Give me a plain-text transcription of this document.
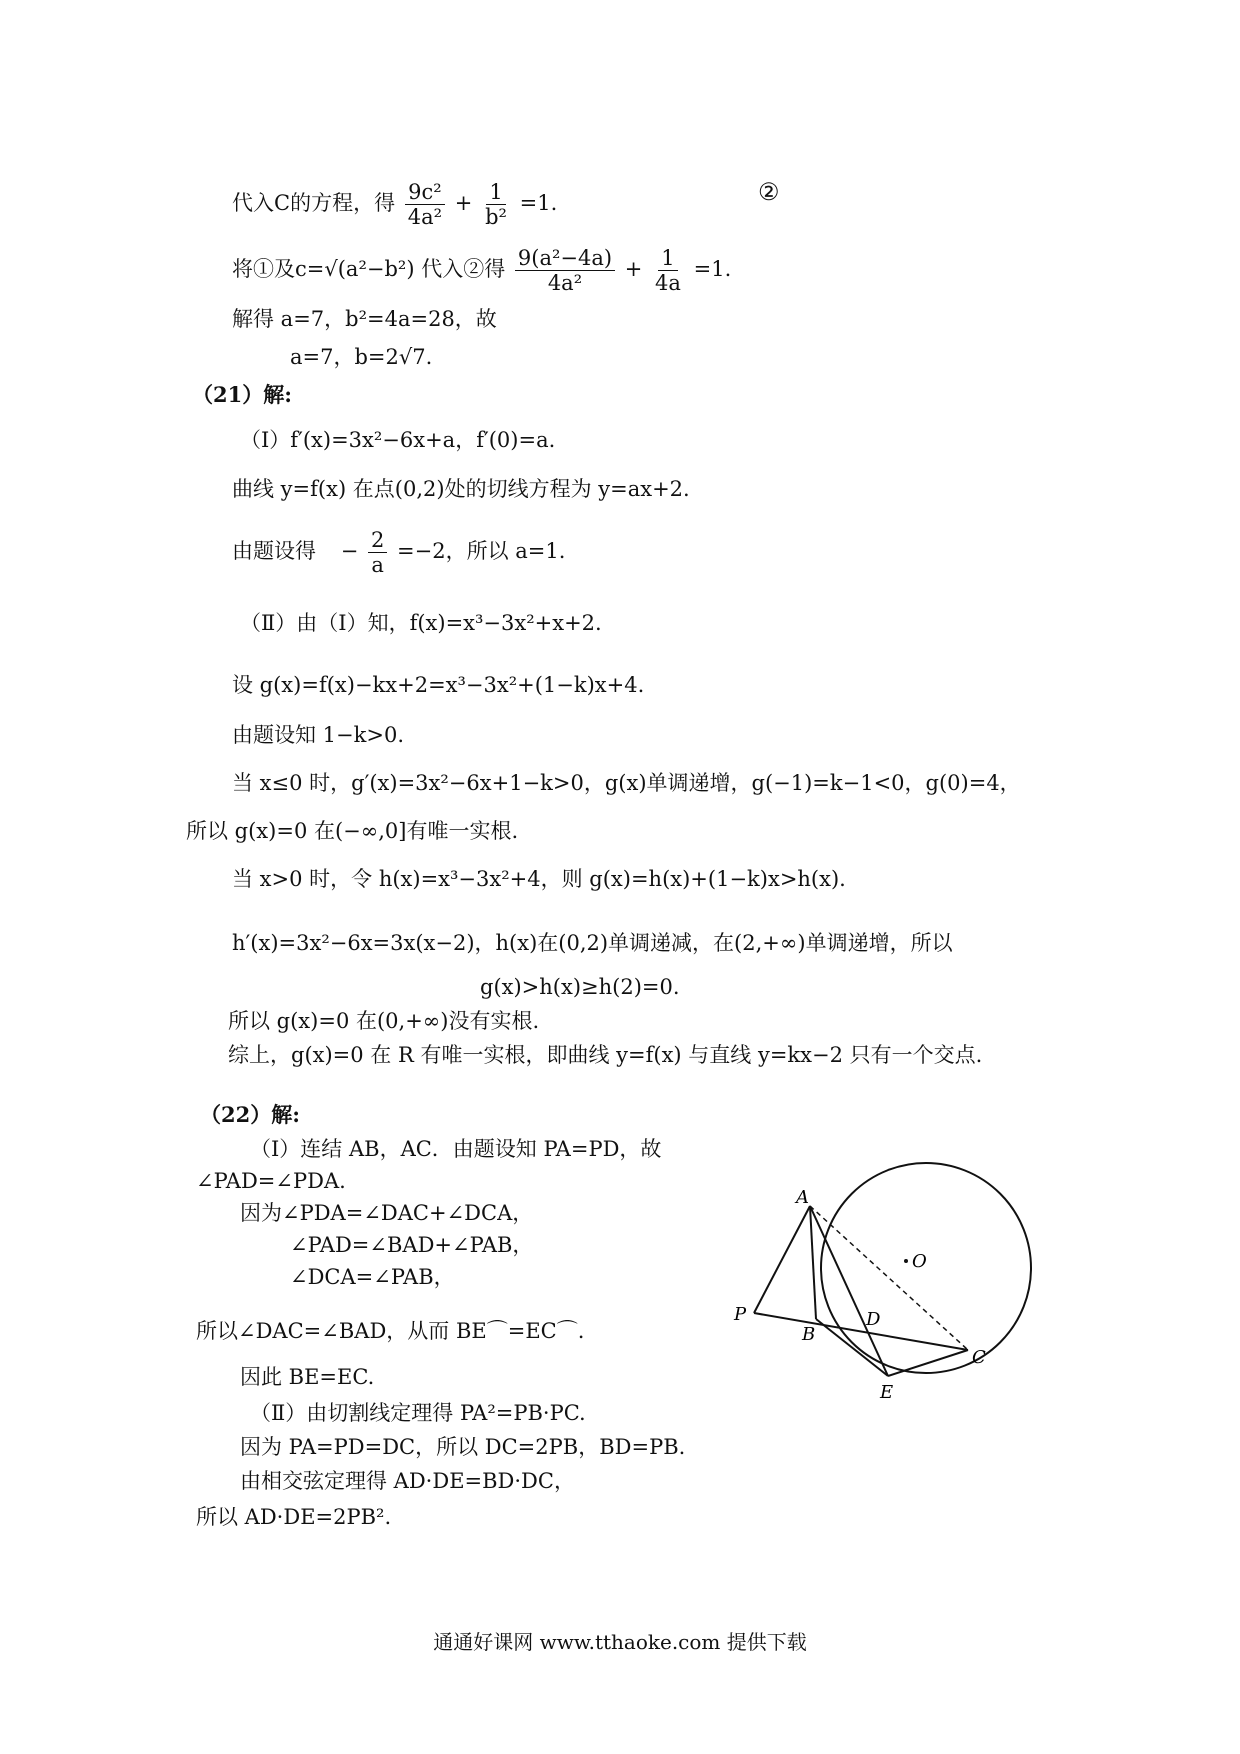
代入C的方程，得 $\frac{\text{9c²}}{\text{4a²}} + \frac{1}{\text{b²}} =1$.	②
将①及c=√(a²−b²) 代入②得 $\frac{\text{9(a²−4a)}}{\text{4a²}} + \frac{1}{4a} =1$.
解得 a=7，b²=4a=28，故
a=7，b=2√7.
（21）解:
（Ⅰ）f′(x)=3x²−6x+a，f′(0)=a.
曲线 y=f(x) 在点(0,2)处的切线方程为 y=ax+2.
由题设得 − $\frac{2}{a} =-2$，所以 a=1.
（Ⅱ）由（Ⅰ）知，f(x)=x³−3x²+x+2.
设 g(x)=f(x)−kx+2=x³−3x²+(1−k)x+4.
由题设知 1−k>0.
当 x≤0 时，g′(x)=3x²−6x+1−k>0，g(x)单调递增，g(−1)=k−1<0，g(0)=4，
所以 g(x)=0 在(−∞,0]有唯一实根.
当 x>0 时，令 h(x)=x³−3x²+4，则 g(x)=h(x)+(1−k)x>h(x).
h′(x)=3x²−6x=3x(x−2)，h(x)在(0,2)单调递减，在(2,+∞)单调递增，所以
g(x)>h(x)≥h(2)=0.
所以 g(x)=0 在(0,+∞)没有实根.
综上，g(x)=0 在 R 有唯一实根，即曲线 y=f(x) 与直线 y=kx−2 只有一个交点.
（22）解:
（Ⅰ）连结 AB，AC．由题设知 PA=PD，故
∠PAD=∠PDA.
因为∠PDA=∠DAC+∠DCA，
∠PAD=∠BAD+∠PAB，
∠DCA=∠PAB，
所以∠DAC=∠BAD，从而 BE⌒=EC⌒.
因此 BE=EC.
（Ⅱ）由切割线定理得 PA²=PB·PC.
因为 PA=PD=DC，所以 DC=2PB，BD=PB.
由相交弦定理得 AD·DE=BD·DC，
所以 AD·DE=2PB².
A
O
P
B
D
C
E
通通好课网 www.tthaoke.com 提供下载
